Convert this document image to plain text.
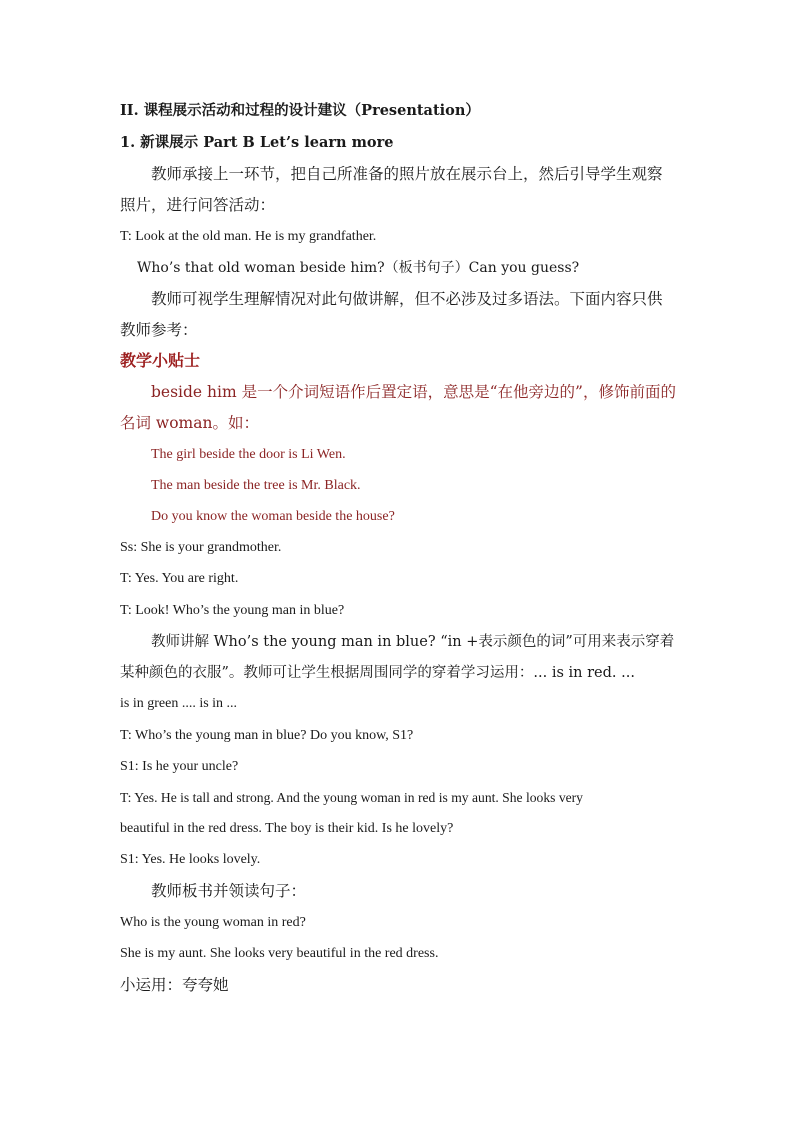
II. 课程展示活动和过程的设计建议（Presentation）
1. 新课展示 Part B Let’s learn more
教师承接上一环节，把自己所准备的照片放在展示台上，然后引导学生观察
照片，进行问答活动：
T: Look at the old man. He is my grandfather.
Who’s that old woman beside him?（板书句子）Can you guess?
教师可视学生理解情况对此句做讲解，但不必涉及过多语法。下面内容只供
教师参考：
教学小贴士
beside him 是一个介词短语作后置定语，意思是“在他旁边的”，修饰前面的
名词 woman。如：
The girl beside the door is Li Wen.
The man beside the tree is Mr. Black.
Do you know the woman beside the house?
Ss: She is your grandmother.
T: Yes. You are right.
T: Look! Who’s the young man in blue?
教师讲解 Who’s the young man in blue? “in +表示颜色的词”可用来表示穿着
某种颜色的衣服”。教师可让学生根据周围同学的穿着学习运用：... is in red. ...
is in green .... is in ...
T: Who’s the young man in blue? Do you know, S1?
S1: Is he your uncle?
T: Yes. He is tall and strong. And the young woman in red is my aunt. She looks very
beautiful in the red dress. The boy is their kid. Is he lovely?
S1: Yes. He looks lovely.
教师板书并领读句子：
Who is the young woman in red?
She is my aunt. She looks very beautiful in the red dress.
小运用：夸夸她
